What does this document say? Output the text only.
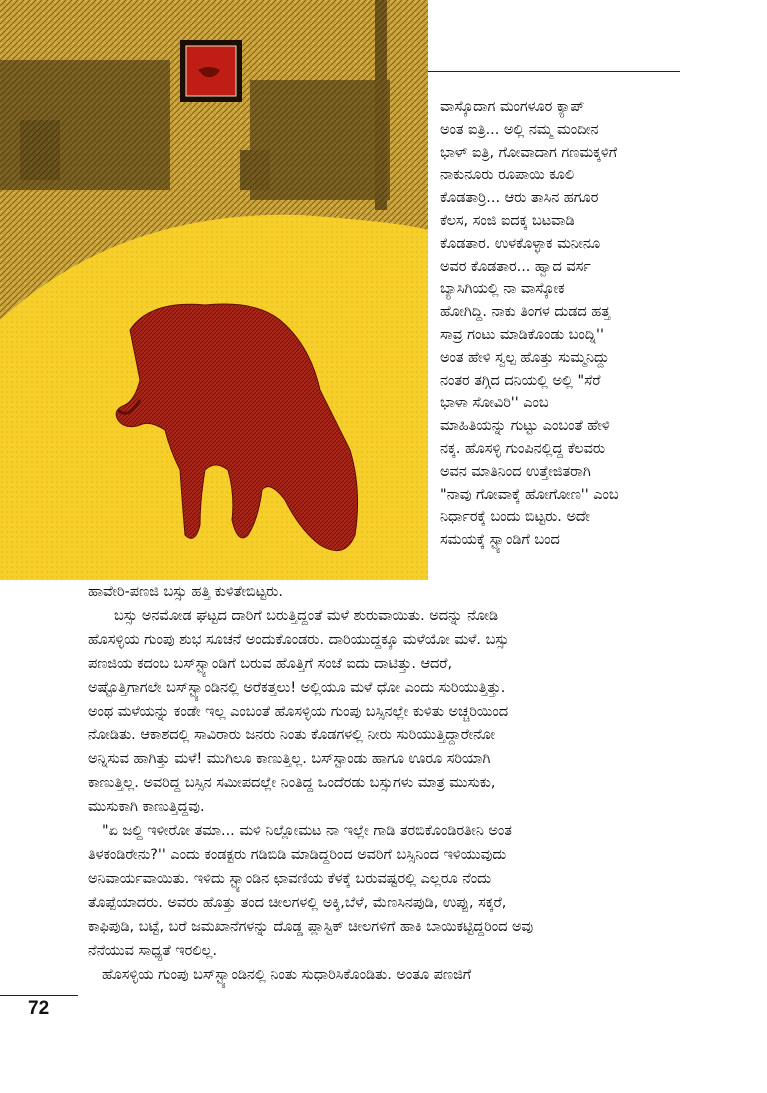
ವಾಸ್ಕೊದಾಗ ಮಂಗಳೂರ ಕ್ಯಾಪ್
ಅಂತ ಐತ್ರಿ... ಅಲ್ಲಿ ನಮ್ಮ ಮಂದೀನ
ಭಾಳ್ ಐತ್ರಿ, ಗೋವಾದಾಗ ಗಣಮಕ್ಕಳಿಗೆ
ನಾಕುನೂರು ರೂಪಾಯಿ ಕೂಲಿ
ಕೊಡತಾರ್ರಿ... ಆರು ತಾಸಿನ ಹಗೂರ
ಕೆಲಸ, ಸಂಜಿ ಐದಕ್ಕ ಬಟವಾಡಿ
ಕೊಡತಾರ. ಉಳಕೊಳ್ಳಾಕ ಮನೀನೂ
ಅವರ ಕೊಡತಾರ... ಹ್ವಾದ ವರ್ಸ
ಬ್ಯಾಸಿಗಿಯಲ್ಲಿ ನಾ ವಾಸ್ಕೋಕ
ಹೋಗಿದ್ದಿ. ನಾಕು ತಿಂಗಳ ದುಡದ ಹತ್ತ
ಸಾವ್ರ ಗಂಟು ಮಾಡಿಕೊಂಡು ಬಂದ್ನಿ''
ಅಂತ ಹೇಳಿ ಸ್ವಲ್ಪ ಹೊತ್ತು ಸುಮ್ಮನಿದ್ದು
ನಂತರ ತಗ್ಗಿದ ದನಿಯಲ್ಲಿ ಅಲ್ಲಿ "ಸೆರೆ
ಭಾಳಾ ಸೋವಿರಿ'' ಎಂಬ
ಮಾಹಿತಿಯನ್ನು ಗುಟ್ಟು ಎಂಬಂತೆ ಹೇಳಿ
ನಕ್ಕ. ಹೊಸಳ್ಳಿ ಗುಂಪಿನಲ್ಲಿದ್ದ ಕೆಲವರು
ಅವನ ಮಾತಿನಿಂದ ಉತ್ತೇಜಿತರಾಗಿ
"ನಾವು ಗೋವಾಕ್ಕೆ ಹೋಗೋಣ'' ಎಂಬ
ನಿರ್ಧಾರಕ್ಕೆ ಬಂದು ಬಿಟ್ಟರು. ಅದೇ
ಸಮಯಕ್ಕೆ ಸ್ಟ್ಯಾಂಡಿಗೆ ಬಂದ
ಹಾವೇರಿ-ಪಣಜಿ ಬಸ್ಸು ಹತ್ತಿ ಕುಳಿತೇಬಿಟ್ಟರು.
ಬಸ್ಸು ಅನಮೋಡ ಘಟ್ಟದ ದಾರಿಗೆ ಬರುತ್ತಿದ್ದಂತೆ ಮಳೆ ಶುರುವಾಯಿತು. ಅದನ್ನು ನೋಡಿ
ಹೊಸಳ್ಳಿಯ ಗುಂಪು ಶುಭ ಸೂಚನೆ ಅಂದುಕೊಂಡರು. ದಾರಿಯುದ್ದಕ್ಕೂ ಮಳೆಯೋ ಮಳೆ. ಬಸ್ಸು
ಪಣಜಿಯ ಕದಂಬ ಬಸ್‌ಸ್ಟ್ಯಾಂಡಿಗೆ ಬರುವ ಹೊತ್ತಿಗೆ ಸಂಜೆ ಐದು ದಾಟಿತ್ತು. ಆದರೆ,
ಅಷ್ಟೊತ್ತಿಗಾಗಲೇ ಬಸ್‌ಸ್ಟ್ಯಾಂಡಿನಲ್ಲಿ ಅರೆಕತ್ತಲು! ಅಲ್ಲಿಯೂ ಮಳೆ ಧೋ ಎಂದು ಸುರಿಯುತ್ತಿತ್ತು.
ಅಂಥ ಮಳೆಯನ್ನು ಕಂಡೇ ಇಲ್ಲ ಎಂಬಂತೆ ಹೊಸಳ್ಳಿಯ ಗುಂಪು ಬಸ್ಸಿನಲ್ಲೇ ಕುಳಿತು ಅಚ್ಚರಿಯಿಂದ
ನೋಡಿತು. ಆಕಾಶದಲ್ಲಿ ಸಾವಿರಾರು ಜನರು ನಿಂತು ಕೊಡಗಳಲ್ಲಿ ನೀರು ಸುರಿಯುತ್ತಿದ್ದಾರೇನೋ
ಅನ್ನಿಸುವ ಹಾಗಿತ್ತು ಮಳೆ! ಮುಗಿಲೂ ಕಾಣುತ್ತಿಲ್ಲ. ಬಸ್‌ಸ್ಟಾಂಡು ಹಾಗೂ ಊರೂ ಸರಿಯಾಗಿ
ಕಾಣುತ್ತಿಲ್ಲ. ಅವರಿದ್ದ ಬಸ್ಸಿನ ಸಮೀಪದಲ್ಲೇ ನಿಂತಿದ್ದ ಒಂದೆರಡು ಬಸ್ಸುಗಳು ಮಾತ್ರ ಮುಸುಕು,
ಮುಸುಕಾಗಿ ಕಾಣುತ್ತಿದ್ದವು.
"ಏ ಜಲ್ದಿ ಇಳೀರೋ ತಮಾ... ಮಳಿ ನಿಲ್ಲೋಮಟ ನಾ ಇಲ್ಲೇ ಗಾಡಿ ತರಬಿಕೊಂಡಿರತೀನಿ ಅಂತ
ತಿಳಕಂಡಿರೇನು?'' ಎಂದು ಕಂಡಕ್ಟರು ಗಡಿಬಿಡಿ ಮಾಡಿದ್ದರಿಂದ ಅವರಿಗೆ ಬಸ್ಸಿನಿಂದ ಇಳಿಯುವುದು
ಅನಿವಾರ್ಯವಾಯಿತು. ಇಳಿದು ಸ್ಟ್ಯಾಂಡಿನ ಛಾವಣಿಯ ಕೆಳಕ್ಕೆ ಬರುವಷ್ಟರಲ್ಲಿ ಎಲ್ಲರೂ ನೆಂದು
ತೊಪ್ಪೆಯಾದರು. ಅವರು ಹೊತ್ತು ತಂದ ಚೀಲಗಳಲ್ಲಿ ಅಕ್ಕಿ,ಬೆಳೆ, ಮೆಣಸಿನಪುಡಿ, ಉಪ್ಪು, ಸಕ್ಕರೆ,
ಕಾಫಿಪುಡಿ, ಬಟ್ಟೆ, ಬರೆ ಜಮಖಾನೆಗಳನ್ನು ದೊಡ್ಡ ಪ್ಲಾಸ್ಟಿಕ್ ಚೀಲಗಳಿಗೆ ಹಾಕಿ ಬಾಯಿಕಟ್ಟಿದ್ದರಿಂದ ಅವು
ನೆನೆಯುವ ಸಾಧ್ಯತೆ ಇರಲಿಲ್ಲ.
ಹೊಸಳ್ಳಿಯ ಗುಂಪು ಬಸ್‌ಸ್ಟ್ಯಾಂಡಿನಲ್ಲಿ ನಿಂತು ಸುಧಾರಿಸಿಕೊಂಡಿತು. ಅಂತೂ ಪಣಜಿಗೆ
72
